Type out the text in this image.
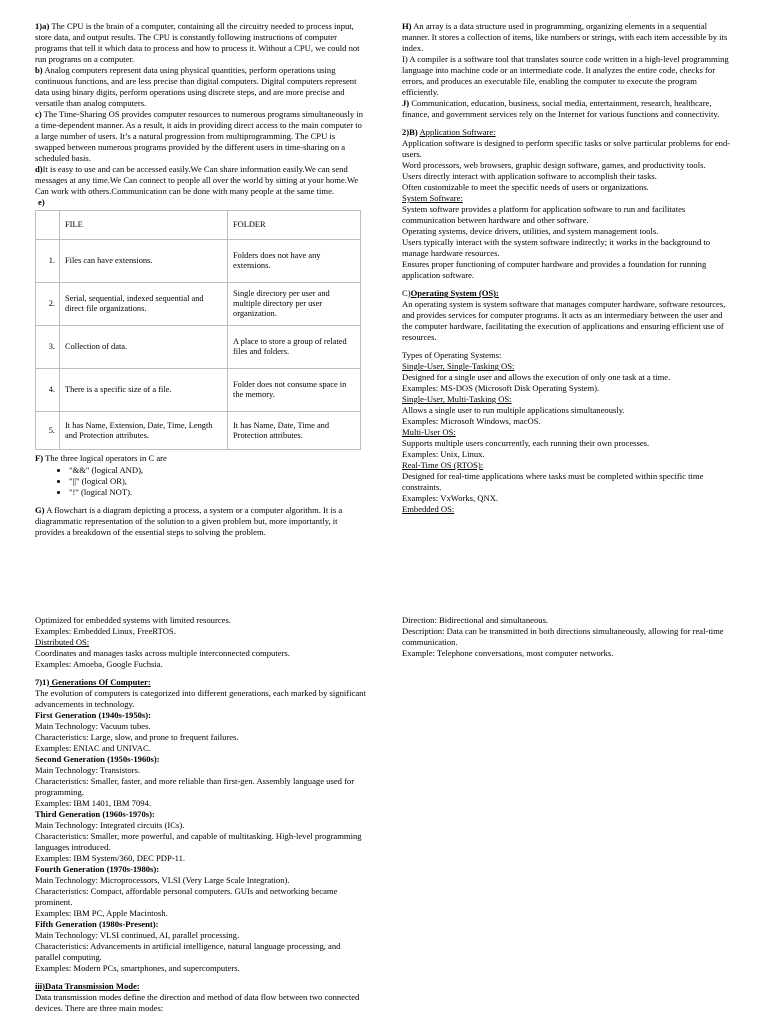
1)a) The CPU is the brain of a computer, containing all the circuitry needed to process input, store data, and output results. The CPU is constantly following instructions of computer programs that tell it which data to process and how to process it. Without a CPU, we could not run programs on a computer.

b) Analog computers represent data using physical quantities, perform operations using continuous functions, and are less precise than digital computers. Digital computers represent data using binary digits, perform operations using discrete steps, and are more precise and versatile than analog computers.

c) The Time-Sharing OS provides computer resources to numerous programs simultaneously in a time-dependent manner. As a result, it aids in providing direct access to the main computer to a large number of users. It’s a natural progression from multiprogramming. The CPU is swapped between numerous programs provided by the different users in time-sharing on a scheduled basis.

d)It is easy to use and can be accessed easily.We Can share information easily.We can send messages at any time.We Can connect to people all over the world by sitting at your home.We Can work with others.Communication can be done with many people at the same time.

e)

	FILE	FOLDER
1.	Files can have extensions.	Folders does not have any extensions.
2.	Serial, sequential, indexed sequential and direct file organizations.	Single directory per user and multiple directory per user organization.
3.	Collection of data.	A place to store a group of related files and folders.
4.	There is a specific size of a file.	Folder does not consume space in the memory.
5.	It has Name, Extension, Date, Time, Length and Protection attributes.	It has Name, Date, Time and Protection attributes.

F) The three logical operators in C are

• "&&" (logical AND),
• "||" (logical OR),
• "!" (logical NOT).

G) A flowchart is a diagram depicting a process, a system or a computer algorithm. It is a diagrammatic representation of the solution to a given problem but, more importantly, it provides a breakdown of the essential steps to solving the problem.

H) An array is a data structure used in programming, organizing elements in a sequential manner. It stores a collection of items, like numbers or strings, with each item accessible by its index.

I) A compiler is a software tool that translates source code written in a high-level programming language into machine code or an intermediate code. It analyzes the entire code, checks for errors, and produces an executable file, enabling the computer to execute the program efficiently.

J) Communication, education, business, social media, entertainment, research, healthcare, finance, and government services rely on the Internet for various functions and connectivity.

2)B) Application Software:

Application software is designed to perform specific tasks or solve particular problems for end-users.

Word processors, web browsers, graphic design software, games, and productivity tools.

Users directly interact with application software to accomplish their tasks.

Often customizable to meet the specific needs of users or organizations.

System Software:

System software provides a platform for application software to run and facilitates communication between hardware and other software.

Operating systems, device drivers, utilities, and system management tools.

Users typically interact with the system software indirectly; it works in the background to manage hardware resources.

Ensures proper functioning of computer hardware and provides a foundation for running application software.

C)Operating System (OS):

An operating system is system software that manages computer hardware, software resources, and provides services for computer programs. It acts as an intermediary between the user and the computer hardware, facilitating the execution of applications and ensuring efficient use of resources.

Types of Operating Systems:

Single-User, Single-Tasking OS:

Designed for a single user and allows the execution of only one task at a time.

Examples: MS-DOS (Microsoft Disk Operating System).

Single-User, Multi-Tasking OS:

Allows a single user to run multiple applications simultaneously.

Examples: Microsoft Windows, macOS.

Multi-User OS:

Supports multiple users concurrently, each running their own processes.

Examples: Unix, Linux.

Real-Time OS (RTOS):

Designed for real-time applications where tasks must be completed within specific time constraints.

Examples: VxWorks, QNX.

Embedded OS:

Optimized for embedded systems with limited resources.

Examples: Embedded Linux, FreeRTOS.

Distributed OS:

Coordinates and manages tasks across multiple interconnected computers.

Examples: Amoeba, Google Fuchsia.

7)1) Generations Of Computer:

The evolution of computers is categorized into different generations, each marked by significant advancements in technology.

First Generation (1940s-1950s):

Main Technology: Vacuum tubes.

Characteristics: Large, slow, and prone to frequent failures.

Examples: ENIAC and UNIVAC.

Second Generation (1950s-1960s):

Main Technology: Transistors.

Characteristics: Smaller, faster, and more reliable than first-gen. Assembly language used for programming.

Examples: IBM 1401, IBM 7094.

Third Generation (1960s-1970s):

Main Technology: Integrated circuits (ICs).

Characteristics: Smaller, more powerful, and capable of multitasking. High-level programming languages introduced.

Examples: IBM System/360, DEC PDP-11.

Fourth Generation (1970s-1980s):

Main Technology: Microprocessors, VLSI (Very Large Scale Integration).

Characteristics: Compact, affordable personal computers. GUIs and networking became prominent.

Examples: IBM PC, Apple Macintosh.

Fifth Generation (1980s-Present):

Main Technology: VLSI continued, AI, parallel processing.

Characteristics: Advancements in artificial intelligence, natural language processing, and parallel computing.

Examples: Modern PCs, smartphones, and supercomputers.

iii)Data Transmission Mode:

Data transmission modes define the direction and method of data flow between two connected devices. There are three main modes:

Direction: Bidirectional and simultaneous.

Description: Data can be transmitted in both directions simultaneously, allowing for real-time communication.

Example: Telephone conversations, most computer networks.
